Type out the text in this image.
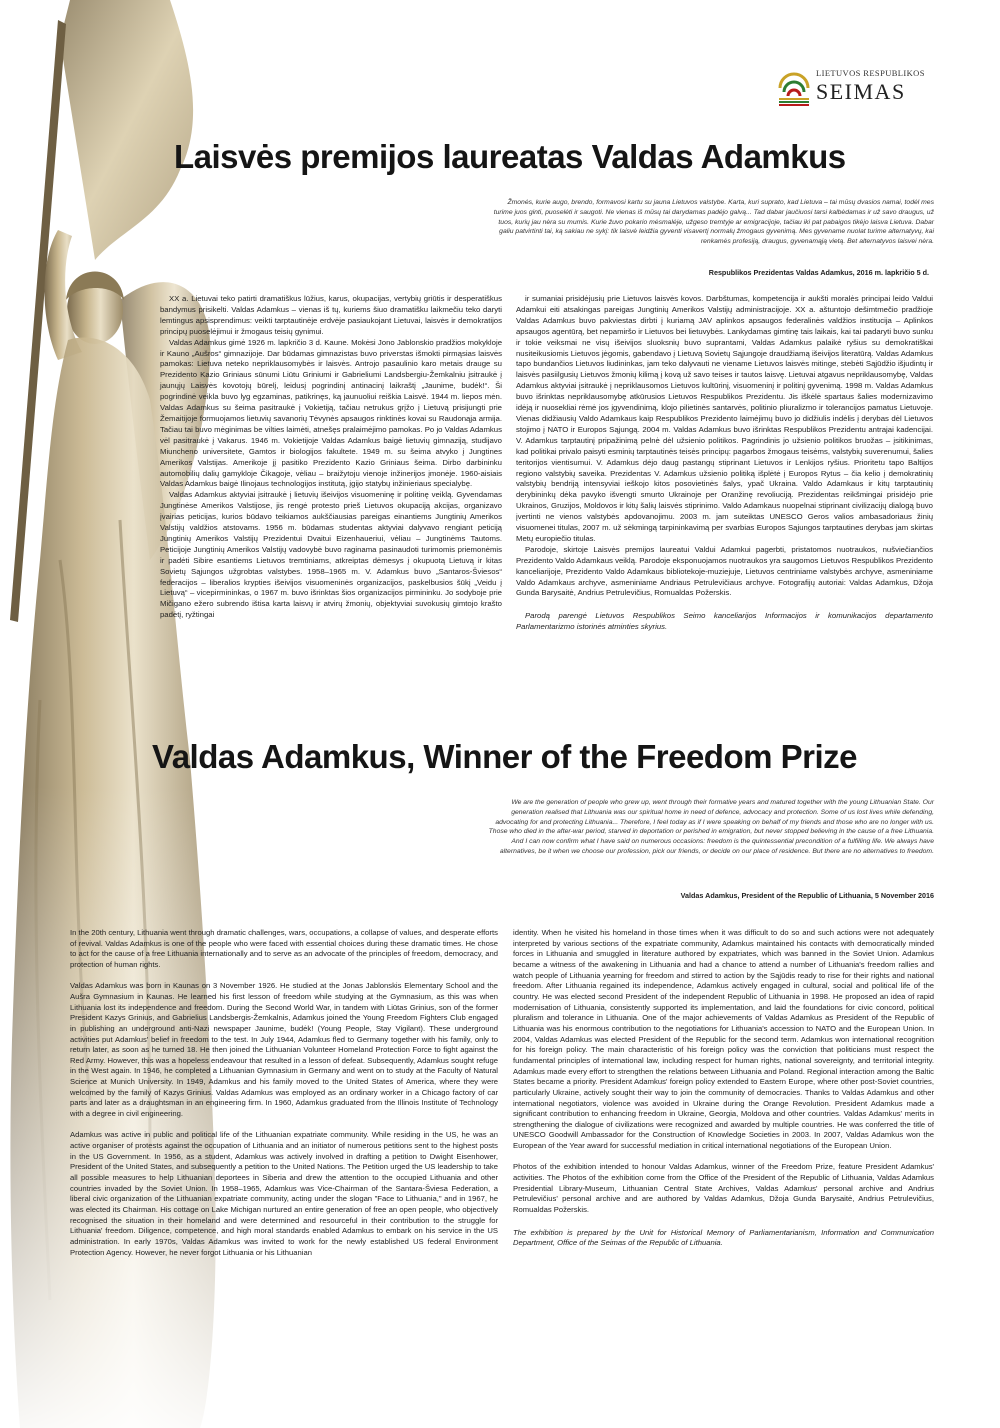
LIETUVOS RESPUBLIKOS
SEIMAS
Laisvės premijos laureatas Valdas Adamkus
Žmonės, kurie augo, brendo, formavosi kartu su jauna Lietuvos valstybe. Karta, kuri suprato, kad Lietuva – tai mūsų dvasios namai, todėl mes turime juos ginti, puoselėti ir saugoti. Ne vienas iš mūsų tai darydamas padėjo galvą... Tad dabar jaučiuosi tarsi kalbėdamas ir už savo draugus, už tuos, kurių jau nėra su mumis. Kurie žuvo pokario mėsmalėje, užgeso tremtyje ar emigracijoje, tačiau iki pat pabaigos tikėjo laisva Lietuva. Dabar galiu patvirtinti tai, ką sakiau ne sykį: tik laisvė leidžia gyventi visavertį normalų žmogaus gyvenimą. Mes gyvename nuolat turime alternatyvų, kai renkamės profesiją, draugus, gyvenamąją vietą. Bet alternatyvos laisvei nėra.
Respublikos Prezidentas Valdas Adamkus, 2016 m. lapkričio 5 d.

XX a. Lietuvai teko patirti dramatiškus lūžius, karus, okupacijas, vertybių griūtis ir desperatiškus bandymus prisikelti. Valdas Adamkus – vienas iš tų, kuriems šiuo dramatišku laikmečiu teko daryti lemtingus apsisprendimus: veikti tarptautinėje erdvėje pasiaukojant Lietuvai, laisvės ir demokratijos principų puoselėjimui ir žmogaus teisių gynimui.

Valdas Adamkus gimė 1926 m. lapkričio 3 d. Kaune. Mokėsi Jono Jablonskio pradžios mokykloje ir Kauno „Aušros“ gimnazijoje. Dar būdamas gimnazistas buvo priverstas išmokti pirmąsias laisvės pamokas: Lietuva neteko nepriklausomybės ir laisvės. Antrojo pasaulinio karo metais drauge su Prezidento Kazio Griniaus sūnumi Liūtu Griniumi ir Gabrieliumi Landsbergiu-Žemkalniu įsitraukė į jaunųjų Laisvės kovotojų būrelį, leidusį pogrindinį antinacinį laikraštį „Jaunime, budėk!“. Ši pogrindinė veikla buvo lyg egzaminas, patikrinęs, ką jaunuoliui reiškia Laisvė. 1944 m. liepos mėn. Valdas Adamkus su šeima pasitraukė į Vokietiją, tačiau netrukus grįžo į Lietuvą prisijungti prie Žemaitijoje formuojamos lietuvių savanorių Tėvynės apsaugos rinktinės kovai su Raudonąja armija. Tačiau tai buvo mėginimas be vilties laimėti, atnešęs pralaimėjimo pamokas. Po jo Valdas Adamkus vėl pasitraukė į Vakarus. 1946 m. Vokietijoje Valdas Adamkus baigė lietuvių gimnaziją, studijavo Miuncheno universitete, Gamtos ir biologijos fakultete. 1949 m. su šeima atvyko į Jungtines Amerikos Valstijas. Amerikoje jį pasitiko Prezidento Kazio Griniaus šeima. Dirbo darbininku automobilių dalių gamykloje Čikagoje, vėliau – braižytoju vienoje inžinerijos įmonėje. 1960-aisiais Valdas Adamkus baigė Ilinojaus technologijos institutą, įgijo statybų inžinieriaus specialybę.

Valdas Adamkus aktyviai įsitraukė į lietuvių išeivijos visuomeninę ir politinę veiklą. Gyvendamas Jungtinėse Amerikos Valstijose, jis rengė protesto prieš Lietuvos okupaciją akcijas, organizavo įvairias peticijas, kurios būdavo teikiamos aukščiausias pareigas einantiems Jungtinių Amerikos Valstijų valdžios atstovams. 1956 m. būdamas studentas aktyviai dalyvavo rengiant peticiją Jungtinių Amerikos Valstijų Prezidentui Dvaitui Eizenhaueriui, vėliau – Jungtinėms Tautoms. Peticijoje Jungtinių Amerikos Valstijų vadovybė buvo raginama pasinaudoti turimomis priemonėmis ir padėti Sibire esantiems Lietuvos tremtiniams, atkreiptas dėmesys į okupuotą Lietuvą ir kitas Sovietų Sąjungos užgrobtas valstybes. 1958–1965 m. V. Adamkus buvo „Santaros-Šviesos“ federacijos – liberalios krypties išeivijos visuomeninės organizacijos, paskelbusios šūkį „Veidu į Lietuvą“ – vicepirmininkas, o 1967 m. buvo išrinktas šios organizacijos pirmininku. Jo sodyboje prie Mičigano ežero subrendo ištisa karta laisvų ir atvirų žmonių, objektyviai suvokusių gimtojo krašto padėtį, ryžtingai

ir sumaniai prisidėjusių prie Lietuvos laisvės kovos. Darbštumas, kompetencija ir aukšti moralės principai leido Valdui Adamkui eiti atsakingas pareigas Jungtinių Amerikos Valstijų administracijoje. XX a. aštuntojo dešimtmečio pradžioje Valdas Adamkus buvo pakviestas dirbti į kuriamą JAV aplinkos apsaugos federalinės valdžios institucija – Aplinkos apsaugos agentūrą, bet nepamiršo ir Lietuvos bei lietuvybės. Lankydamas gimtinę tais laikais, kai tai padaryti buvo sunku ir tokie veiksmai ne visų išeivijos sluoksnių buvo suprantami, Valdas Adamkus palaikė ryšius su demokratiškai nusiteikusiomis Lietuvos jėgomis, gabendavo į Lietuvą Sovietų Sąjungoje draudžiamą išeivijos literatūrą. Valdas Adamkus tapo bundančios Lietuvos liudininkas, jam teko dalyvauti ne viename Lietuvos laisvės mitinge, stebėti Sąjūdžio išjudintų ir laisvės pasiilgusių Lietuvos žmonių kilimą į kovą už savo teises ir tautos laisvę. Lietuvai atgavus nepriklausomybę, Valdas Adamkus aktyviai įsitraukė į nepriklausomos Lietuvos kultūrinį, visuomeninį ir politinį gyvenimą. 1998 m. Valdas Adamkus buvo išrinktas nepriklausomybę atkūrusios Lietuvos Respublikos Prezidentu. Jis iškėlė spartaus šalies modernizavimo idėją ir nuosekliai rėmė jos įgyvendinimą, klojo pilietinės santarvės, politinio pliuralizmo ir tolerancijos pamatus Lietuvoje. Vienas didžiausių Valdo Adamkaus kaip Respublikos Prezidento laimėjimų buvo jo didžiulis indėlis į derybas dėl Lietuvos stojimo į NATO ir Europos Sąjungą. 2004 m. Valdas Adamkus buvo išrinktas Respublikos Prezidentu antrajai kadencijai. V. Adamkus tarptautinį pripažinimą pelnė dėl užsienio politikos. Pagrindinis jo užsienio politikos bruožas – įsitikinimas, kad politikai privalo paisyti esminių tarptautinės teisės principų: pagarbos žmogaus teisėms, valstybių suverenumui, šalies teritorijos vientisumui. V. Adamkus dėjo daug pastangų stiprinant Lietuvos ir Lenkijos ryšius. Prioritetu tapo Baltijos regiono valstybių saveika. Prezidentas V. Adamkus užsienio politiką išplėtė į Europos Rytus – čia kelio į demokratinių valstybių bendriją intensyviai ieškojo kitos posovietinės šalys, ypač Ukraina. Valdo Adamkaus ir kitų tarptautinių derybininkų dėka pavyko išvengti smurto Ukrainoje per Oranžinę revoliuciją. Prezidentas reikšmingai prisidėjo prie Ukrainos, Gruzijos, Moldovos ir kitų šalių laisvės stiprinimo. Valdo Adamkaus nuopelnai stiprinant civilizacijų dialogą buvo įvertinti ne vienos valstybės apdovanojimu. 2003 m. jam suteiktas UNESCO Geros valios ambasadoriaus žinių visuomenei titulas, 2007 m. už sėkmingą tarpininkavimą per svarbias Europos Sąjungos tarptautines derybas jam skirtas Metų europiečio titulas.

Parodoje, skirtoje Laisvės premijos laureatui Valdui Adamkui pagerbti, pristatomos nuotraukos, nušviečiančios Prezidento Valdo Adamkaus veiklą. Parodoje eksponuojamos nuotraukos yra saugomos Lietuvos Respublikos Prezidento kanceliarijoje, Prezidento Valdo Adamkaus bibliotekoje-muziejuje, Lietuvos centriniame valstybės archyve, asmeniniame Valdo Adamkaus archyve, asmeniniame Andriaus Petrulevičiaus archyve. Fotografijų autoriai: Valdas Adamkus, Džoja Gunda Barysaitė, Andrius Petrulevičius, Romualdas Požerskis.

Parodą parengė Lietuvos Respublikos Seimo kanceliarijos Informacijos ir komunikacijos departamento Parlamentarizmo istorinės atminties skyrius.

Valdas Adamkus, Winner of the Freedom Prize
We are the generation of people who grew up, went through their formative years and matured together with the young Lithuanian State. Our generation realised that Lithuania was our spiritual home in need of defence, advocacy and protection. Some of us lost lives while defending, advocating for and protecting Lithuania... Therefore, I feel today as if I were speaking on behalf of my friends and those who are no longer with us. Those who died in the after-war period, starved in deportation or perished in emigration, but never stopped believing in the cause of a free Lithuania. And I can now confirm what I have said on numerous occasions: freedom is the quintessential precondition of a fulfilling life. We always have alternatives, be it when we choose our profession, pick our friends, or decide on our place of residence. But there are no alternatives to freedom.
Valdas Adamkus, President of the Republic of Lithuania, 5 November 2016

In the 20th century, Lithuania went through dramatic challenges, wars, occupations, a collapse of values, and desperate efforts of revival. Valdas Adamkus is one of the people who were faced with essential choices during these dramatic times. He chose to act for the cause of a free Lithuania internationally and to serve as an advocate of the principles of freedom, democracy, and protection of human rights.

Valdas Adamkus was born in Kaunas on 3 November 1926. He studied at the Jonas Jablonskis Elementary School and the Aušra Gymnasium in Kaunas. He learned his first lesson of freedom while studying at the Gymnasium, as this was when Lithuania lost its independence and freedom. During the Second World War, in tandem with Liūtas Grinius, son of the former President Kazys Grinius, and Gabrielius Landsbergis-Žemkalnis, Adamkus joined the Young Freedom Fighters Club engaged in publishing an underground anti-Nazi newspaper Jaunime, budėk! (Young People, Stay Vigilant). These underground activities put Adamkus' belief in freedom to the test. In July 1944, Adamkus fled to Germany together with his family, only to return later, as soon as he turned 18. He then joined the Lithuanian Volunteer Homeland Protection Force to fight against the Red Army. However, this was a hopeless endeavour that resulted in a lesson of defeat. Subsequently, Adamkus sought refuge in the West again. In 1946, he completed a Lithuanian Gymnasium in Germany and went on to study at the Faculty of Natural Science at Munich University. In 1949, Adamkus and his family moved to the United States of America, where they were welcomed by the family of Kazys Grinius. Valdas Adamkus was employed as an ordinary worker in a Chicago factory of car parts and later as a draughtsman in an engineering firm. In 1960, Adamkus graduated from the Illinois Institute of Technology with a degree in civil engineering.

Adamkus was active in public and political life of the Lithuanian expatriate community. While residing in the US, he was an active organiser of protests against the occupation of Lithuania and an initiator of numerous petitions sent to the highest posts in the US Government. In 1956, as a student, Adamkus was actively involved in drafting a petition to Dwight Eisenhower, President of the United States, and subsequently a petition to the United Nations. The Petition urged the US leadership to take all possible measures to help Lithuanian deportees in Siberia and drew the attention to the occupied Lithuania and other countries invaded by the Soviet Union. In 1958–1965, Adamkus was Vice-Chairman of the Santara-Šviesa Federation, a liberal civic organization of the Lithuanian expatriate community, acting under the slogan "Face to Lithuania," and in 1967, he was elected its Chairman. His cottage on Lake Michigan nurtured an entire generation of free an open people, who objectively recognised the situation in their homeland and were determined and resourceful in their contribution to the struggle for Lithuania' freedom. Diligence, competence, and high moral standards enabled Adamkus to embark on his service in the US administration. In early 1970s, Valdas Adamkus was invited to work for the newly established US federal Environment Protection Agency. However, he never forgot Lithuania or his Lithuanian

identity. When he visited his homeland in those times when it was difficult to do so and such actions were not adequately interpreted by various sections of the expatriate community, Adamkus maintained his contacts with democratically minded forces in Lithuania and smuggled in literature authored by expatriates, which was banned in the Soviet Union. Adamkus became a witness of the awakening in Lithuania and had a chance to attend a number of Lithuania's freedom rallies and watch people of Lithuania yearning for freedom and stirred to action by the Sąjūdis ready to rise for their rights and national freedom. After Lithuania regained its independence, Adamkus actively engaged in cultural, social and political life of the country. He was elected second President of the independent Republic of Lithuania in 1998. He proposed an idea of rapid modernisation of Lithuania, consistently supported its implementation, and laid the foundations for civic concord, political pluralism and tolerance in Lithuania. One of the major achievements of Valdas Adamkus as President of the Republic of Lithuania was his enormous contribution to the negotiations for Lithuania's accession to NATO and the European Union. In 2004, Valdas Adamkus was elected President of the Republic for the second term. Adamkus won international recognition for his foreign policy. The main characteristic of his foreign policy was the conviction that politicians must respect the fundamental principles of international law, including respect for human rights, national sovereignty, and territorial integrity. Adamkus made every effort to strengthen the relations between Lithuania and Poland. Regional interaction among the Baltic States became a priority. President Adamkus' foreign policy extended to Eastern Europe, where other post-Soviet countries, particularly Ukraine, actively sought their way to join the community of democracies. Thanks to Valdas Adamkus and other international negotiators, violence was avoided in Ukraine during the Orange Revolution. President Adamkus made a significant contribution to enhancing freedom in Ukraine, Georgia, Moldova and other countries. Valdas Adamkus' merits in strengthening the dialogue of civilizations were recognized and awarded by multiple countries. He was conferred the title of UNESCO Goodwill Ambassador for the Construction of Knowledge Societies in 2003. In 2007, Valdas Adamkus won the European of the Year award for successful mediation in critical international negotiations of the European Union.

Photos of the exhibition intended to honour Valdas Adamkus, winner of the Freedom Prize, feature President Adamkus' activities. The Photos of the exhibition come from the Office of the President of the Republic of Lithuania, Valdas Adamkus Presidential Library-Museum, Lithuanian Central State Archives, Valdas Adamkus' personal archive and Andrius Petrulevičius' personal archive and are authored by Valdas Adamkus, Džoja Gunda Barysaitė, Andrius Petrulevičius, Romualdas Požerskis.

The exhibition is prepared by the Unit for Historical Memory of Parliamentarianism, Information and Communication Department, Office of the Seimas of the Republic of Lithuania.
